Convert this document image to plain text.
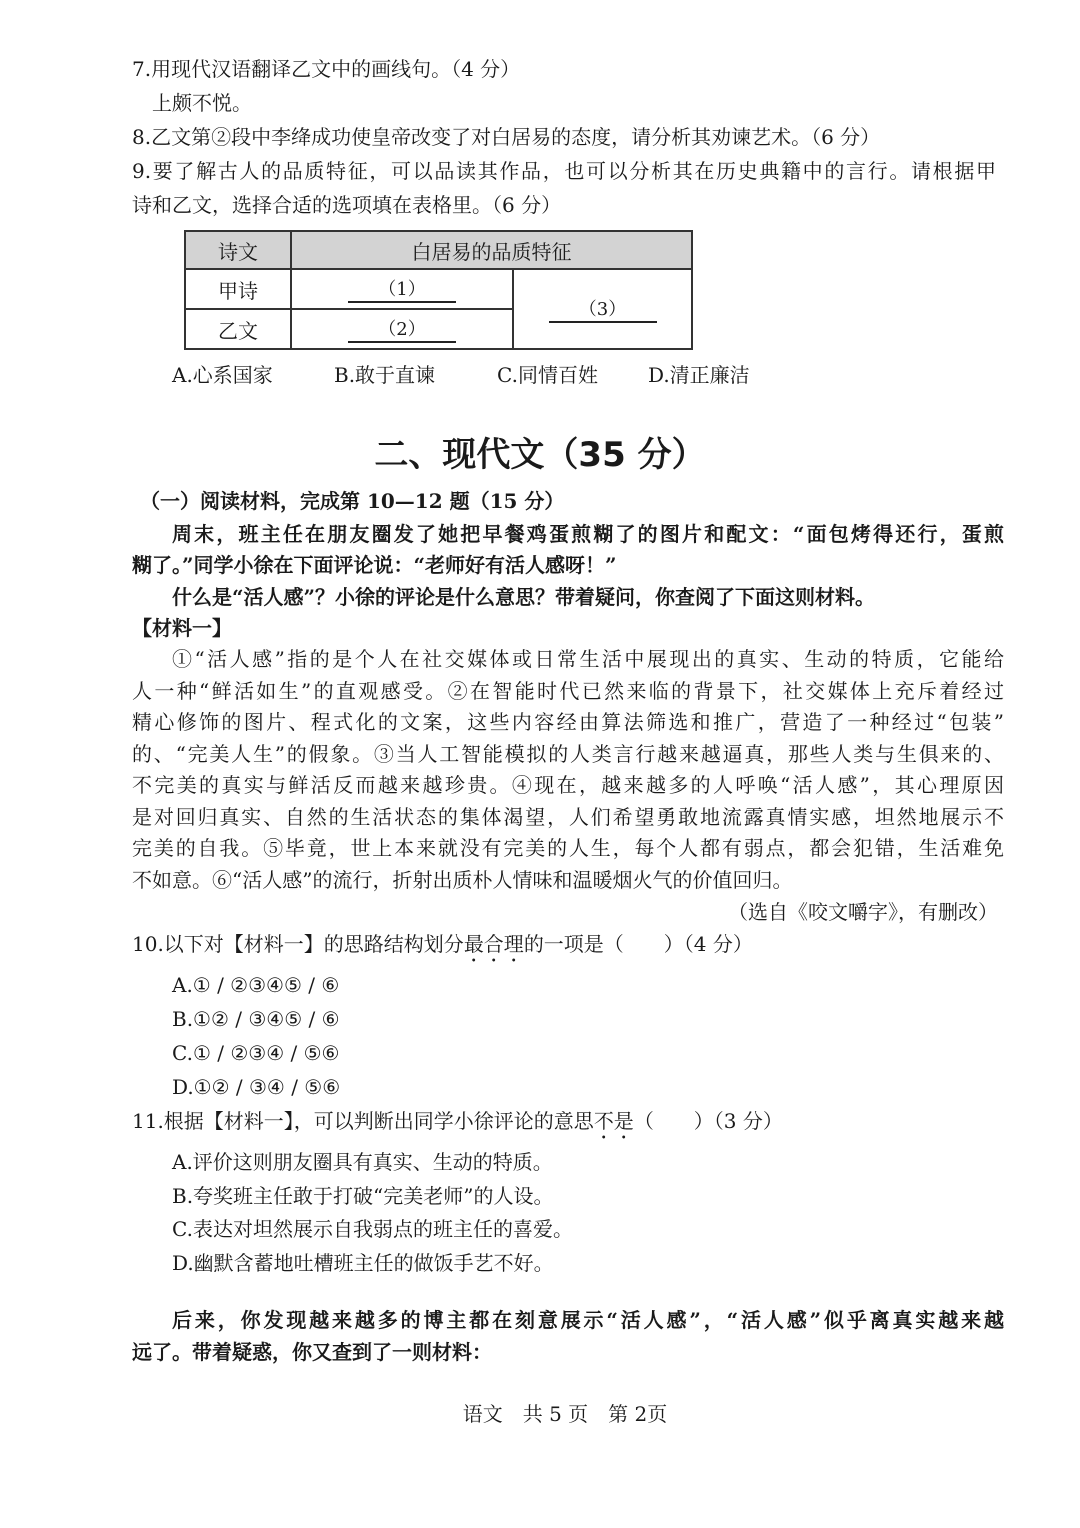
7.用现代汉语翻译乙文中的画线句。（4 分）
上颇不悦。
8.乙文第②段中李绛成功使皇帝改变了对白居易的态度，请分析其劝谏艺术。（6 分）
9.要了解古人的品质特征，可以品读其作品，也可以分析其在历史典籍中的言行。请根据甲
诗和乙文，选择合适的选项填在表格里。（6 分）
诗文	白居易的品质特征	
甲诗	（1）	（3）
乙文	（2）	
A.心系国家	B.敢于直谏	C.同情百姓	D.清正廉洁
二、现代文（35 分）
（一）阅读材料，完成第 10—12 题（15 分）
周末，班主任在朋友圈发了她把早餐鸡蛋煎糊了的图片和配文：“面包烤得还行，蛋煎
糊了。”同学小徐在下面评论说：“老师好有活人感呀！”
什么是“活人感”？小徐的评论是什么意思？带着疑问，你查阅了下面这则材料。
【材料一】
①“活人感”指的是个人在社交媒体或日常生活中展现出的真实、生动的特质，它能给
人一种“鲜活如生”的直观感受。②在智能时代已然来临的背景下，社交媒体上充斥着经过
精心修饰的图片、程式化的文案，这些内容经由算法筛选和推广，营造了一种经过“包装”
的、“完美人生”的假象。③当人工智能模拟的人类言行越来越逼真，那些人类与生俱来的、
不完美的真实与鲜活反而越来越珍贵。④现在，越来越多的人呼唤“活人感”，其心理原因
是对回归真实、自然的生活状态的集体渴望，人们希望勇敢地流露真情实感，坦然地展示不
完美的自我。⑤毕竟，世上本来就没有完美的人生，每个人都有弱点，都会犯错，生活难免
不如意。⑥“活人感”的流行，折射出质朴人情味和温暖烟火气的价值回归。
（选自《咬文嚼字》，有删改）
10.以下对【材料一】的思路结构划分最合理的一项是（　　）（4 分）
A.① / ②③④⑤ / ⑥
B.①② / ③④⑤ / ⑥
C.① / ②③④ / ⑤⑥
D.①② / ③④ / ⑤⑥
11.根据【材料一】，可以判断出同学小徐评论的意思不是（　　）（3 分）
A.评价这则朋友圈具有真实、生动的特质。
B.夸奖班主任敢于打破“完美老师”的人设。
C.表达对坦然展示自我弱点的班主任的喜爱。
D.幽默含蓄地吐槽班主任的做饭手艺不好。
后来，你发现越来越多的博主都在刻意展示“活人感”，“活人感”似乎离真实越来越
远了。带着疑惑，你又查到了一则材料：
语文　共 5 页　第 2页
